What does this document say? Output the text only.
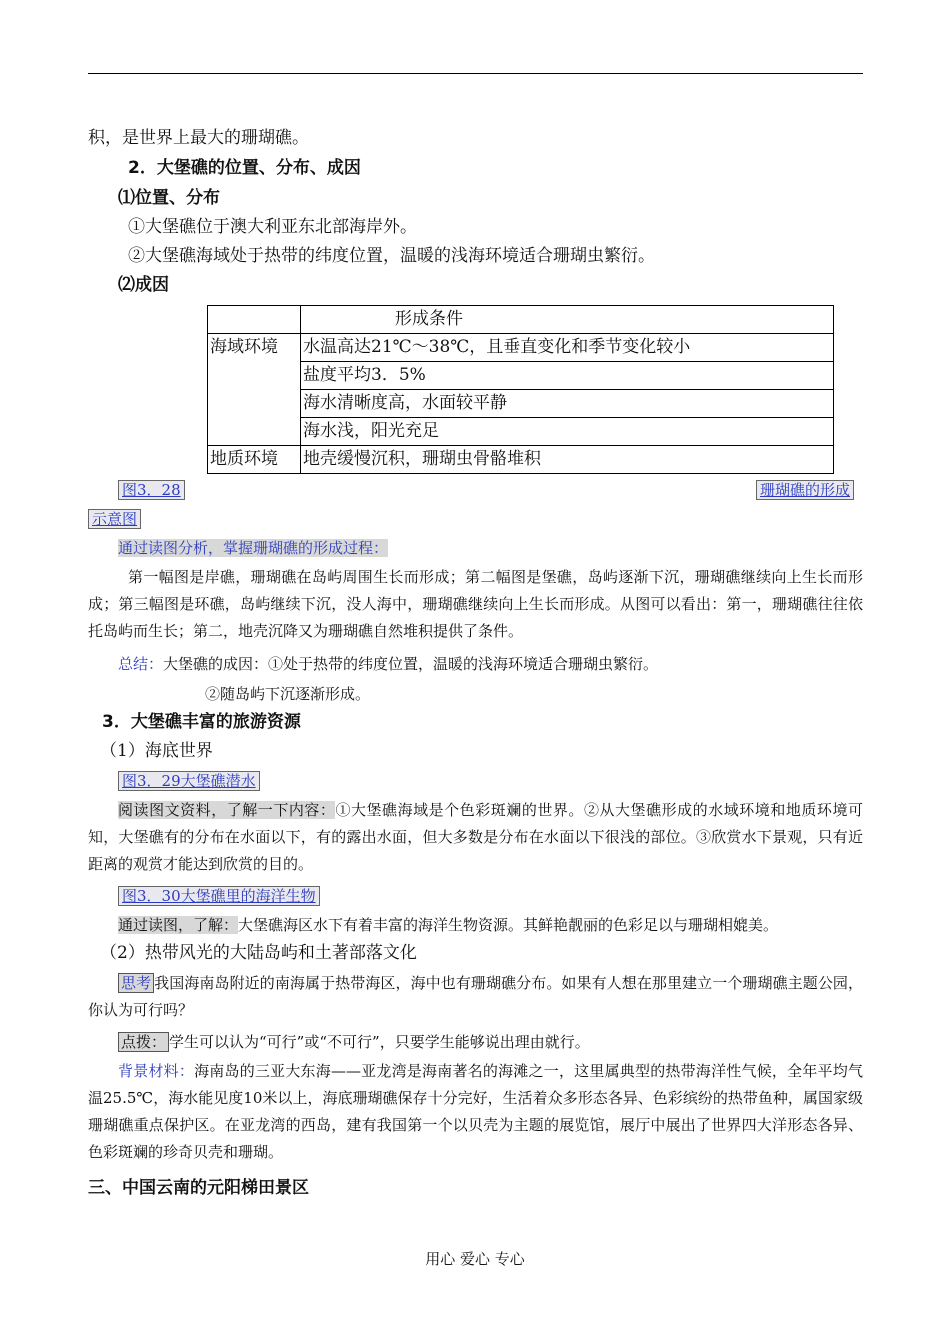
积，是世界上最大的珊瑚礁。
2．大堡礁的位置、分布、成因
⑴位置、分布
①大堡礁位于澳大利亚东北部海岸外。
②大堡礁海域处于热带的纬度位置，温暖的浅海环境适合珊瑚虫繁衍。
⑵成因
	形成条件
海域环境	水温高达21℃～38℃，且垂直变化和季节变化较小
	盐度平均3．5%
	海水清晰度高，水面较平静
	海水浅，阳光充足
地质环境	地壳缓慢沉积，珊瑚虫骨骼堆积
图3．28	珊瑚礁的形成
示意图
通过读图分析，掌握珊瑚礁的形成过程：
第一幅图是岸礁，珊瑚礁在岛屿周围生长而形成；第二幅图是堡礁，岛屿逐渐下沉，珊瑚礁继续向上生长而形成；第三幅图是环礁，岛屿继续下沉，没人海中，珊瑚礁继续向上生长而形成。从图可以看出：第一，珊瑚礁往往依托岛屿而生长；第二，地壳沉降又为珊瑚礁自然堆积提供了条件。
总结：大堡礁的成因：①处于热带的纬度位置，温暖的浅海环境适合珊瑚虫繁衍。
②随岛屿下沉逐渐形成。
3．大堡礁丰富的旅游资源
（1）海底世界
图3．29大堡礁潜水
阅读图文资料，了解一下内容：①大堡礁海域是个色彩斑斓的世界。②从大堡礁形成的水域环境和地质环境可知，大堡礁有的分布在水面以下，有的露出水面，但大多数是分布在水面以下很浅的部位。③欣赏水下景观，只有近距离的观赏才能达到欣赏的目的。
图3．30大堡礁里的海洋生物
通过读图，了解：大堡礁海区水下有着丰富的海洋生物资源。其鲜艳靓丽的色彩足以与珊瑚相媲美。
（2）热带风光的大陆岛屿和土著部落文化
思考 我国海南岛附近的南海属于热带海区，海中也有珊瑚礁分布。如果有人想在那里建立一个珊瑚礁主题公园，你认为可行吗？
点拨： 学生可以认为“可行”或“不可行”，只要学生能够说出理由就行。
背景材料：海南岛的三亚大东海——亚龙湾是海南著名的海滩之一，这里属典型的热带海洋性气候，全年平均气温25.5℃，海水能见度10米以上，海底珊瑚礁保存十分完好，生活着众多形态各异、色彩缤纷的热带鱼种，属国家级珊瑚礁重点保护区。在亚龙湾的西岛，建有我国第一个以贝壳为主题的展览馆，展厅中展出了世界四大洋形态各异、色彩斑斓的珍奇贝壳和珊瑚。
三、中国云南的元阳梯田景区
用心 爱心 专心
